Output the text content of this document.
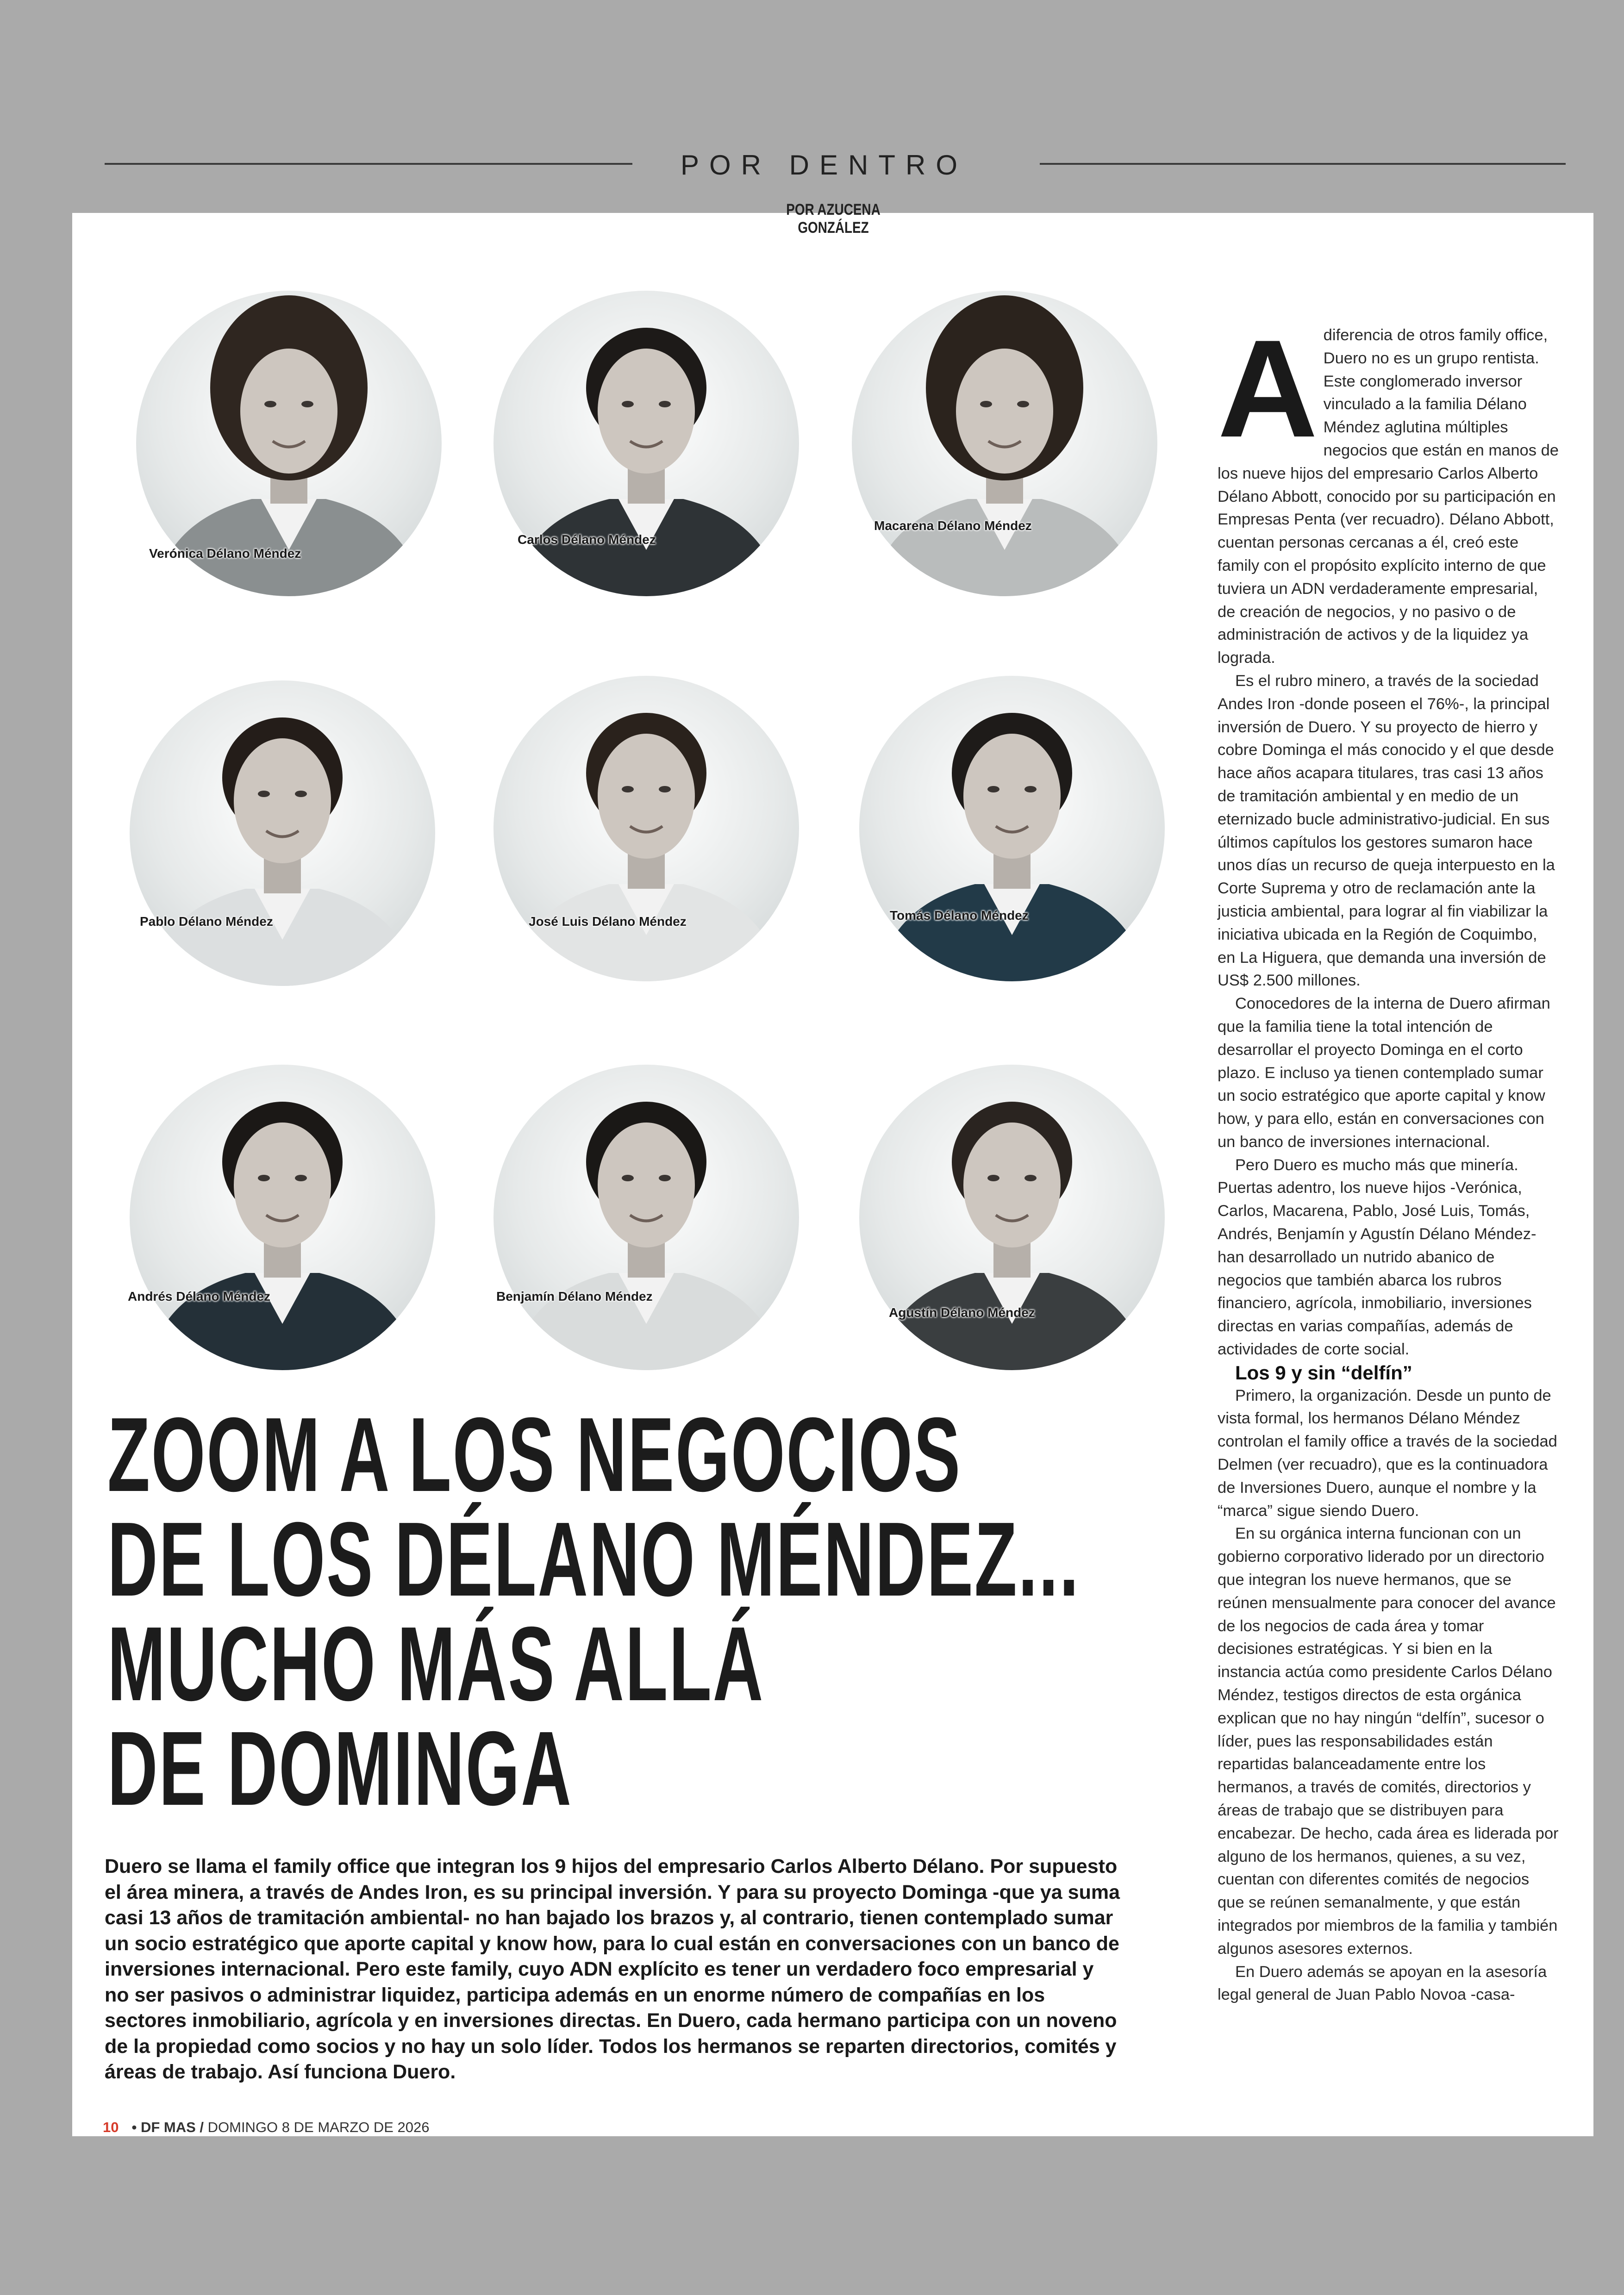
POR DENTRO
POR AZUCENA GONZÁLEZ
Verónica Délano Méndez
Carlos Délano Méndez
Macarena Délano Méndez
Pablo Délano Méndez	José Luis Délano Méndez	Tomás Délano Méndez
Andrés Délano Méndez	Benjamín Délano Méndez
Agustín Délano Méndez
ZOOM A LOS NEGOCIOS
DE LOS DÉLANO MÉNDEZ...
MUCHO MÁS ALLÁ
DE DOMINGA
Duero se llama el family office que integran los 9 hijos del empresario Carlos Alberto Délano. Por supuesto el área minera, a través de Andes Iron, es su principal inversión. Y para su proyecto Dominga -que ya suma casi 13 años de tramitación ambiental- no han bajado los brazos y, al contrario, tienen contemplado sumar un socio estratégico que aporte capital y know how, para lo cual están en conversaciones con un banco de inversiones internacional. Pero este family, cuyo ADN explícito es tener un verdadero foco empresarial y no ser pasivos o administrar liquidez, participa además en un enorme número de compañías en los sectores inmobiliario, agrícola y en inversiones directas. En Duero, cada hermano participa con un noveno de la propiedad como socios y no hay un solo líder. Todos los hermanos se reparten directorios, comités y áreas de trabajo. Así funciona Duero.

Adiferencia de otros family office, Duero no es un grupo rentista. Este conglomerado inversor vinculado a la familia Délano Méndez aglutina múltiples negocios que están en manos de los nueve hijos del empresario Carlos Alberto Délano Abbott, conocido por su participación en Empresas Penta (ver recuadro). Délano Abbott, cuentan personas cercanas a él, creó este family con el propósito explícito interno de que tuviera un ADN verdaderamente empresarial, de creación de negocios, y no pasivo o de administración de activos y de la liquidez ya lograda.

Es el rubro minero, a través de la sociedad Andes Iron -donde poseen el 76%-, la principal inversión de Duero. Y su proyecto de hierro y cobre Dominga el más conocido y el que desde hace años acapara titulares, tras casi 13 años de tramitación ambiental y en medio de un eternizado bucle administrativo-judicial. En sus últimos capítulos los gestores sumaron hace unos días un recurso de queja interpuesto en la Corte Suprema y otro de reclamación ante la justicia ambiental, para lograr al fin viabilizar la iniciativa ubicada en la Región de Coquimbo, en La Higuera, que demanda una inversión de US$ 2.500 millones.

Conocedores de la interna de Duero afirman que la familia tiene la total intención de desarrollar el proyecto Dominga en el corto plazo. E incluso ya tienen contemplado sumar un socio estratégico que aporte capital y know how, y para ello, están en conversaciones con un banco de inversiones internacional.

Pero Duero es mucho más que minería. Puertas adentro, los nueve hijos -Verónica, Carlos, Macarena, Pablo, José Luis, Tomás, Andrés, Benjamín y Agustín Délano Méndez- han desarrollado un nutrido abanico de negocios que también abarca los rubros financiero, agrícola, inmobiliario, inversiones directas en varias compañías, además de actividades de corte social.

Los 9 y sin “delfín”

Primero, la organización. Desde un punto de vista formal, los hermanos Délano Méndez controlan el family office a través de la sociedad Delmen (ver recuadro), que es la continuadora de Inversiones Duero, aunque el nombre y la “marca” sigue siendo Duero.

En su orgánica interna funcionan con un gobierno corporativo liderado por un directorio que integran los nueve hermanos, que se reúnen mensualmente para conocer del avance de los negocios de cada área y tomar decisiones estratégicas. Y si bien en la instancia actúa como presidente Carlos Délano Méndez, testigos directos de esta orgánica explican que no hay ningún “delfín”, sucesor o líder, pues las responsabilidades están repartidas balanceadamente entre los hermanos, a través de comités, directorios y áreas de trabajo que se distribuyen para encabezar. De hecho, cada área es liderada por alguno de los hermanos, quienes, a su vez, cuentan con diferentes comités de negocios que se reúnen semanalmente, y que están integrados por miembros de la familia y también algunos asesores externos.

En Duero además se apoyan en la asesoría legal general de Juan Pablo Novoa -casa-

10 • DF MAS / DOMINGO 8 DE MARZO DE 2026
